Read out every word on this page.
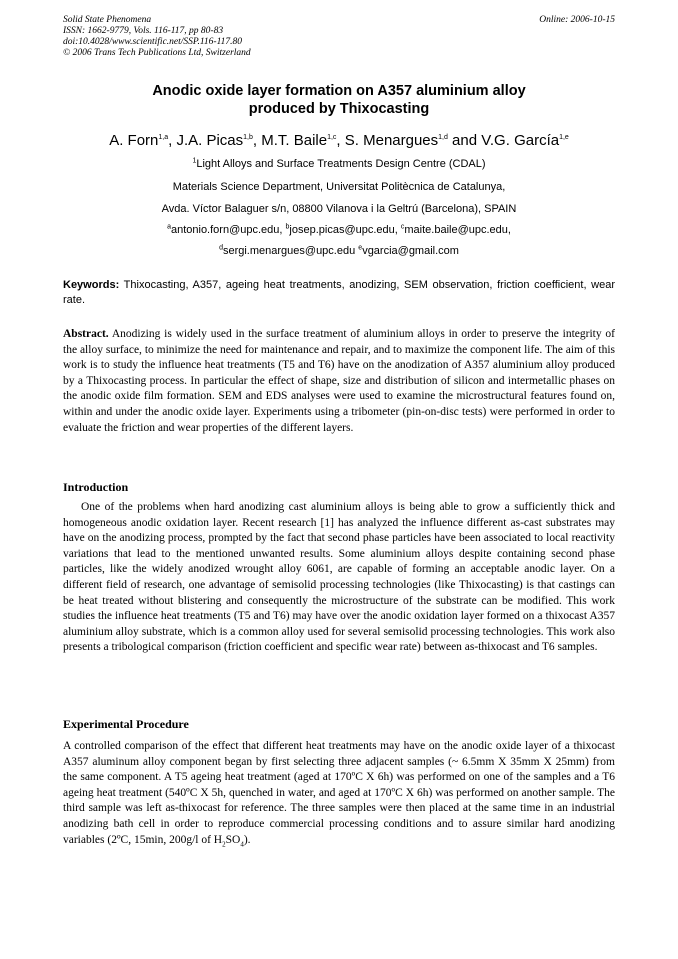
Solid State Phenomena
ISSN: 1662-9779, Vols. 116-117, pp 80-83
doi:10.4028/www.scientific.net/SSP.116-117.80
© 2006 Trans Tech Publications Ltd, Switzerland
Online: 2006-10-15
Anodic oxide layer formation on A357 aluminium alloy
produced by Thixocasting
A. Forn$^{1,a}$, J.A. Picas$^{1,b}$, M.T. Baile$^{1,c}$, S. Menargues$^{1,d}$ and V.G. García$^{1,e}$
$^1$Light Alloys and Surface Treatments Design Centre (CDAL)
Materials Science Department, Universitat Politècnica de Catalunya,
Avda. Víctor Balaguer s/n, 08800 Vilanova i la Geltrú (Barcelona), SPAIN
$^a$antonio.forn@upc.edu, $^b$josep.picas@upc.edu, $^c$maite.baile@upc.edu,
$^d$sergi.menargues@upc.edu $^e$vgarcia@gmail.com
Keywords: Thixocasting, A357, ageing heat treatments, anodizing, SEM observation, friction coefficient, wear rate.
Abstract. Anodizing is widely used in the surface treatment of aluminium alloys in order to preserve the integrity of the alloy surface, to minimize the need for maintenance and repair, and to maximize the component life. The aim of this work is to study the influence heat treatments (T5 and T6) have on the anodization of A357 aluminium alloy produced by a Thixocasting process. In particular the effect of shape, size and distribution of silicon and intermetallic phases on the anodic oxide film formation. SEM and EDS analyses were used to examine the microstructural features found on, within and under the anodic oxide layer. Experiments using a tribometer (pin-on-disc tests) were performed in order to evaluate the friction and wear properties of the different layers.
Introduction
One of the problems when hard anodizing cast aluminium alloys is being able to grow a sufficiently thick and homogeneous anodic oxidation layer. Recent research [1] has analyzed the influence different as-cast substrates may have on the anodizing process, prompted by the fact that second phase particles have been associated to local reactivity variations that lead to the mentioned unwanted results. Some aluminium alloys despite containing second phase particles, like the widely anodized wrought alloy 6061, are capable of forming an acceptable anodic layer. On a different field of research, one advantage of semisolid processing technologies (like Thixocasting) is that castings can be heat treated without blistering and consequently the microstructure of the substrate can be modified. This work studies the influence heat treatments (T5 and T6) may have over the anodic oxidation layer formed on a thixocast A357 aluminium alloy substrate, which is a common alloy used for several semisolid processing technologies. This work also presents a tribological comparison (friction coefficient and specific wear rate) between as-thixocast and T6 samples.
Experimental Procedure
A controlled comparison of the effect that different heat treatments may have on the anodic oxide layer of a thixocast A357 aluminum alloy component began by first selecting three adjacent samples (~ 6.5mm X 35mm X 25mm) from the same component. A T5 ageing heat treatment (aged at 170ºC X 6h) was performed on one of the samples and a T6 ageing heat treatment (540ºC X 5h, quenched in water, and aged at 170ºC X 6h) was performed on another sample. The third sample was left as-thixocast for reference. The three samples were then placed at the same time in an industrial anodizing bath cell in order to reproduce commercial processing conditions and to assure similar hard anodizing variables (2ºC, 15min, 200g/l of $H_2SO_4$).
